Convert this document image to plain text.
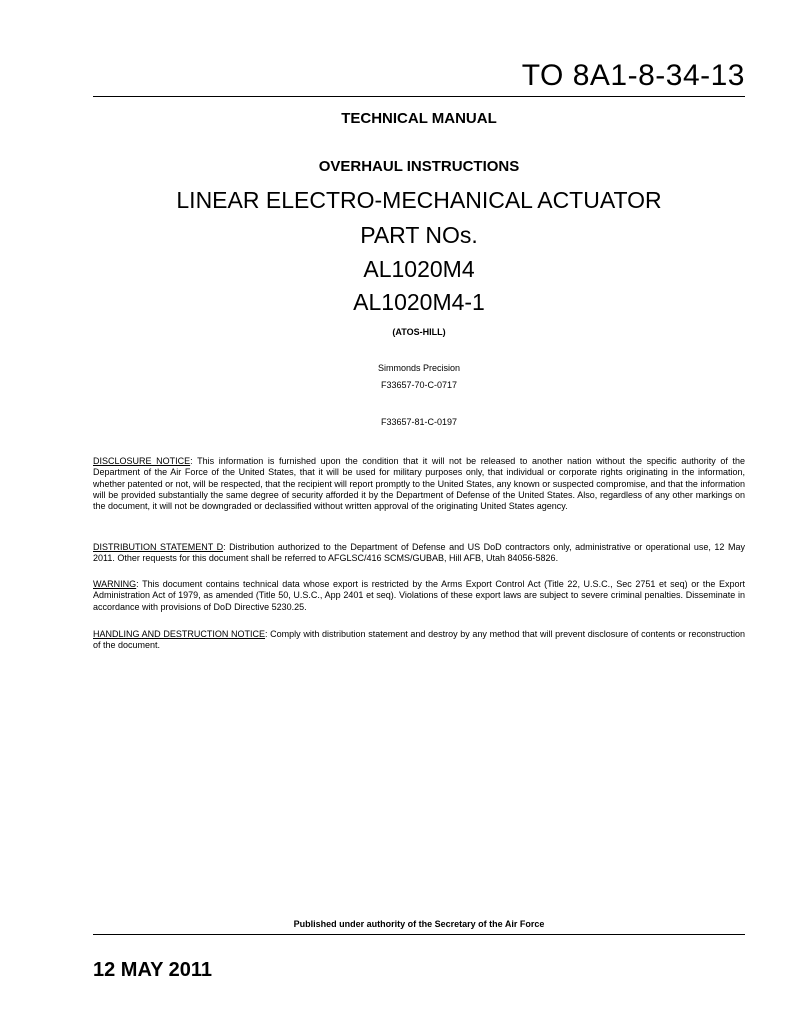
TO 8A1-8-34-13
TECHNICAL MANUAL
OVERHAUL INSTRUCTIONS
LINEAR ELECTRO-MECHANICAL ACTUATOR
PART NOs.
AL1020M4
AL1020M4-1
(ATOS-HILL)
Simmonds Precision
F33657-70-C-0717
F33657-81-C-0197
DISCLOSURE NOTICE: This information is furnished upon the condition that it will not be released to another nation without the specific authority of the Department of the Air Force of the United States, that it will be used for military purposes only, that individual or corporate rights originating in the information, whether patented or not, will be respected, that the recipient will report promptly to the United States, any known or suspected compromise, and that the information will be provided substantially the same degree of security afforded it by the Department of Defense of the United States. Also, regardless of any other markings on the document, it will not be downgraded or declassified without written approval of the originating United States agency.
DISTRIBUTION STATEMENT D: Distribution authorized to the Department of Defense and US DoD contractors only, administrative or operational use, 12 May 2011. Other requests for this document shall be referred to AFGLSC/416 SCMS/GUBAB, Hill AFB, Utah 84056-5826.
WARNING: This document contains technical data whose export is restricted by the Arms Export Control Act (Title 22, U.S.C., Sec 2751 et seq) or the Export Administration Act of 1979, as amended (Title 50, U.S.C., App 2401 et seq). Violations of these export laws are subject to severe criminal penalties. Disseminate in accordance with provisions of DoD Directive 5230.25.
HANDLING AND DESTRUCTION NOTICE: Comply with distribution statement and destroy by any method that will prevent disclosure of contents or reconstruction of the document.
Published under authority of the Secretary of the Air Force
12 MAY 2011
